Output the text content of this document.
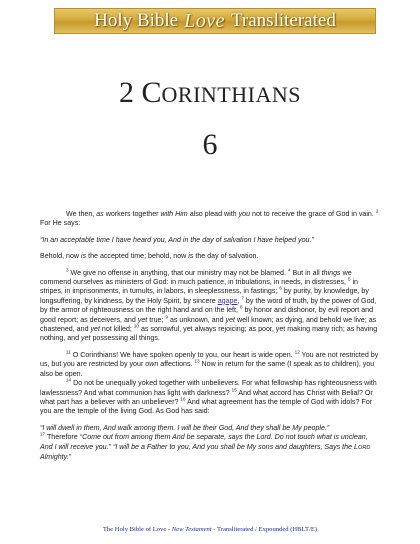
Holy Bible Love Transliterated
2 CORINTHIANS
6

We then, as workers together with Him also plead with you not to receive the grace of God in vain. $^2$ For He says:

“In an acceptable time I have heard you, And in the day of salvation I have helped you.”

Behold, now is the accepted time; behold, now is the day of salvation.

$^3$ We give no offense in anything, that our ministry may not be blamed. $^4$ But in all things we commend ourselves as ministers of God: in much patience, in tribulations, in needs, in distresses, $^5$ in stripes, in imprisonments, in tumults, in labors, in sleeplessness, in fastings; $^6$ by purity, by knowledge, by longsuffering, by kindness, by the Holy Spirit, by sincere agape, $^7$ by the word of truth, by the power of God, by the armor of righteousness on the right hand and on the left, $^8$ by honor and dishonor, by evil report and good report; as deceivers, and yet true; $^9$ as unknown, and yet well known; as dying, and behold we live; as chastened, and yet not killed; $^{10}$ as sorrowful, yet always rejoicing; as poor, yet making many rich; as having nothing, and yet possessing all things.

$^{11}$ O Corinthians! We have spoken openly to you, our heart is wide open. $^{12}$ You are not restricted by us, but you are restricted by your own affections. $^{13}$ Now in return for the same (I speak as to children), you also be open.

$^{14}$ Do not be unequally yoked together with unbelievers. For what fellowship has righteousness with lawlessness? And what communion has light with darkness? $^{15}$ And what accord has Christ with Belial? Or what part has a believer with an unbeliever? $^{16}$ And what agreement has the temple of God with idols? For you are the temple of the living God. As God has said:

“I will dwell in them, And walk among them. I will be their God, And they shall be My people.”

$^{17}$ Therefore “Come out from among them And be separate, says the Lord. Do not touch what is unclean, And I will receive you.” “I will be a Father to you, And you shall be My sons and daughters, Says the LORD Almighty.”

The Holy Bible of Love - New Testament - Transliterated / Expounded (HBLT/E)
